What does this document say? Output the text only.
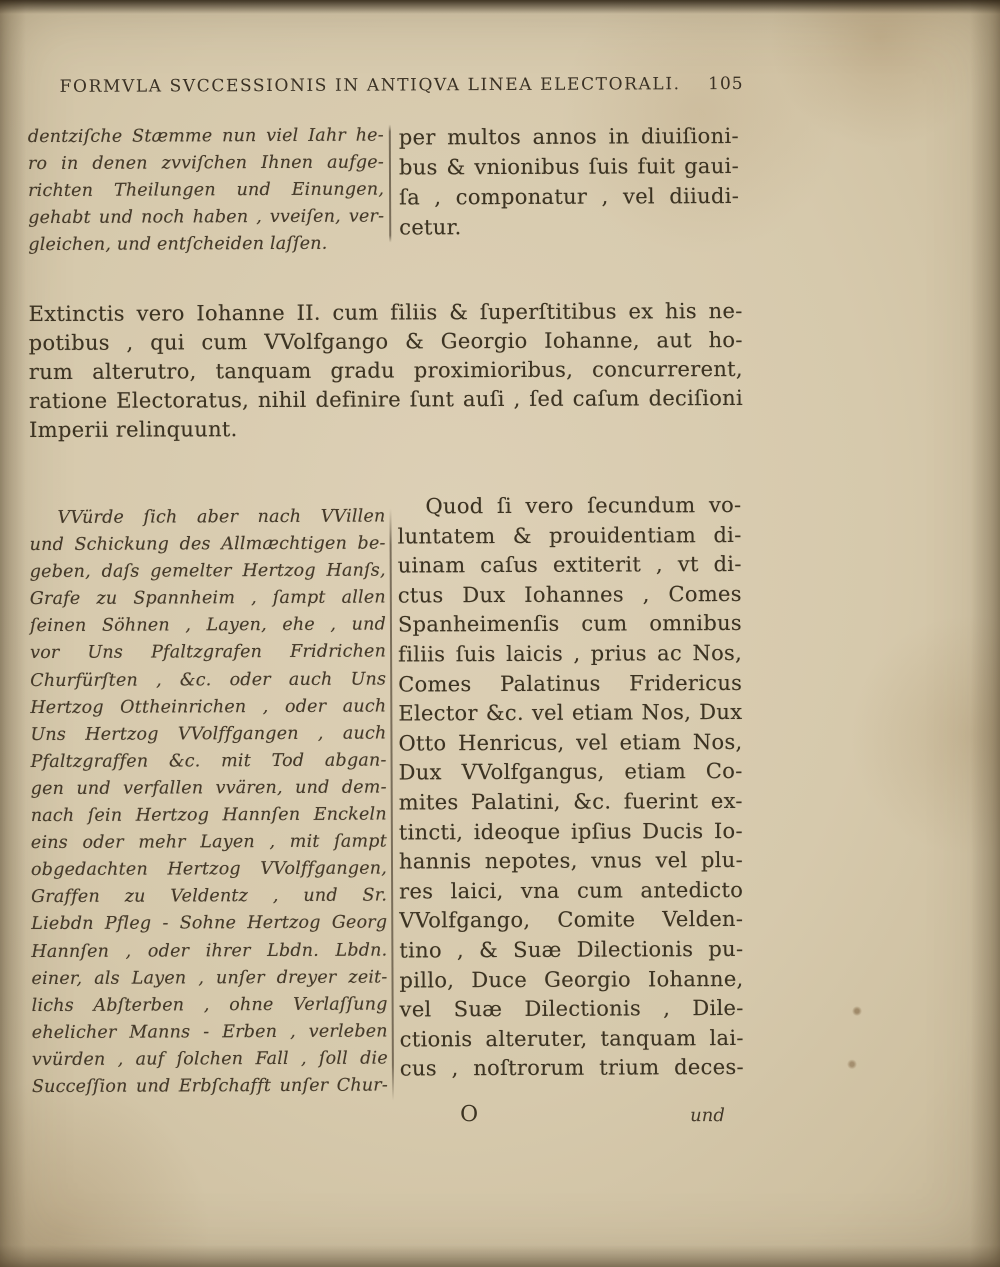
FORMVLA SVCCESSIONIS IN ANTIQVA LINEA ELECTORALI. 105
dentziſche Stæmme nun viel Iahr he-
ro in denen zvviſchen Ihnen aufge-
richten Theilungen und Einungen,
gehabt und noch haben , vveiſen, ver-
gleichen, und entſcheiden laſſen.
per multos annos in diuiſioni-
bus & vnionibus ſuis fuit gaui-
ſa , componatur , vel diiudi-
cetur.
Extinctis vero Iohanne II. cum filiis & ſuperſtitibus ex his ne-
potibus , qui cum VVolfgango & Georgio Iohanne, aut ho-
rum alterutro, tanquam gradu proximioribus, concurrerent,
ratione Electoratus, nihil definire ſunt auſi , ſed caſum deciſioni
Imperii relinquunt.
VVürde ſich aber nach VVillen
und Schickung des Allmæchtigen be-
geben, daſs gemelter Hertzog Hanſs,
Grafe zu Spannheim , ſampt allen
ſeinen Söhnen , Layen, ehe , und
vor Uns Pfaltzgrafen Fridrichen
Churfürſten , &c. oder auch Uns
Hertzog Ottheinrichen , oder auch
Uns Hertzog VVolffgangen , auch
Pfaltzgraffen &c. mit Tod abgan-
gen und verfallen vvären, und dem-
nach ſein Hertzog Hannſen Enckeln
eins oder mehr Layen , mit ſampt
obgedachten Hertzog VVolffgangen,
Graffen zu Veldentz , und Sr.
Liebdn Pfleg - Sohne Hertzog Georg
Hannſen , oder ihrer Lbdn. Lbdn.
einer, als Layen , unſer dreyer zeit-
lichs Abſterben , ohne Verlaſſung
ehelicher Manns - Erben , verleben
vvürden , auf ſolchen Fall , ſoll die
Succeſſion und Erbſchafft unſer Chur-
Quod ſi vero ſecundum vo-
luntatem & prouidentiam di-
uinam caſus extiterit , vt di-
ctus Dux Iohannes , Comes
Spanheimenſis cum omnibus
filiis ſuis laicis , prius ac Nos,
Comes Palatinus Fridericus
Elector &c. vel etiam Nos, Dux
Otto Henricus, vel etiam Nos,
Dux VVolfgangus, etiam Co-
mites Palatini, &c. fuerint ex-
tincti, ideoque ipſius Ducis Io-
hannis nepotes, vnus vel plu-
res laici, vna cum antedicto
VVolfgango, Comite Velden-
tino , & Suæ Dilectionis pu-
pillo, Duce Georgio Iohanne,
vel Suæ Dilectionis , Dile-
ctionis alteruter, tanquam lai-
cus , noſtrorum trium deces-
O	und
